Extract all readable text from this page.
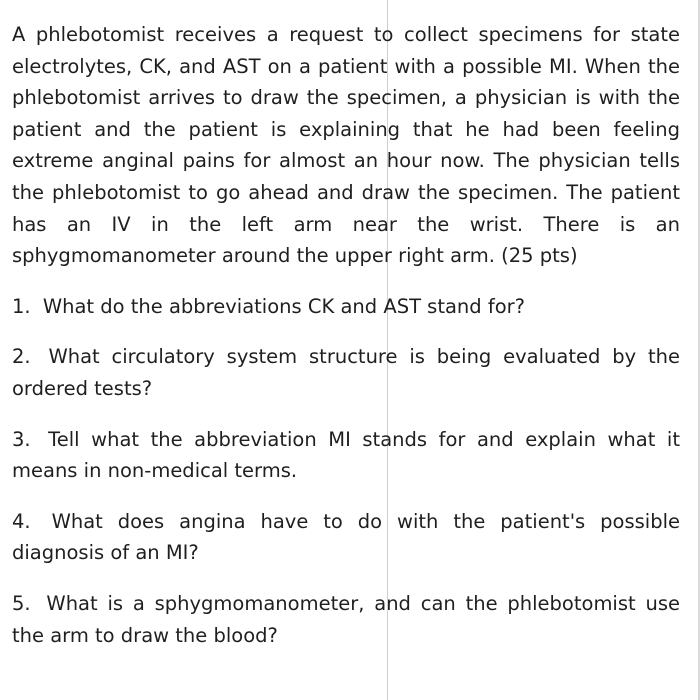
A phlebotomist receives a request to collect specimens for state electrolytes, CK, and AST on a patient with a possible MI. When the phlebotomist arrives to draw the specimen, a physician is with the patient and the patient is explaining that he had been feeling extreme anginal pains for almost an hour now. The physician tells the phlebotomist to go ahead and draw the specimen. The patient has an IV in the left arm near the wrist. There is an sphygmomanometer around the upper right arm. (25 pts)

1. What do the abbreviations CK and AST stand for?

2. What circulatory system structure is being evaluated by the ordered tests?

3. Tell what the abbreviation MI stands for and explain what it means in non-medical terms.

4. What does angina have to do with the patient's possible diagnosis of an MI?

5. What is a sphygmomanometer, and can the phlebotomist use the arm to draw the blood?
